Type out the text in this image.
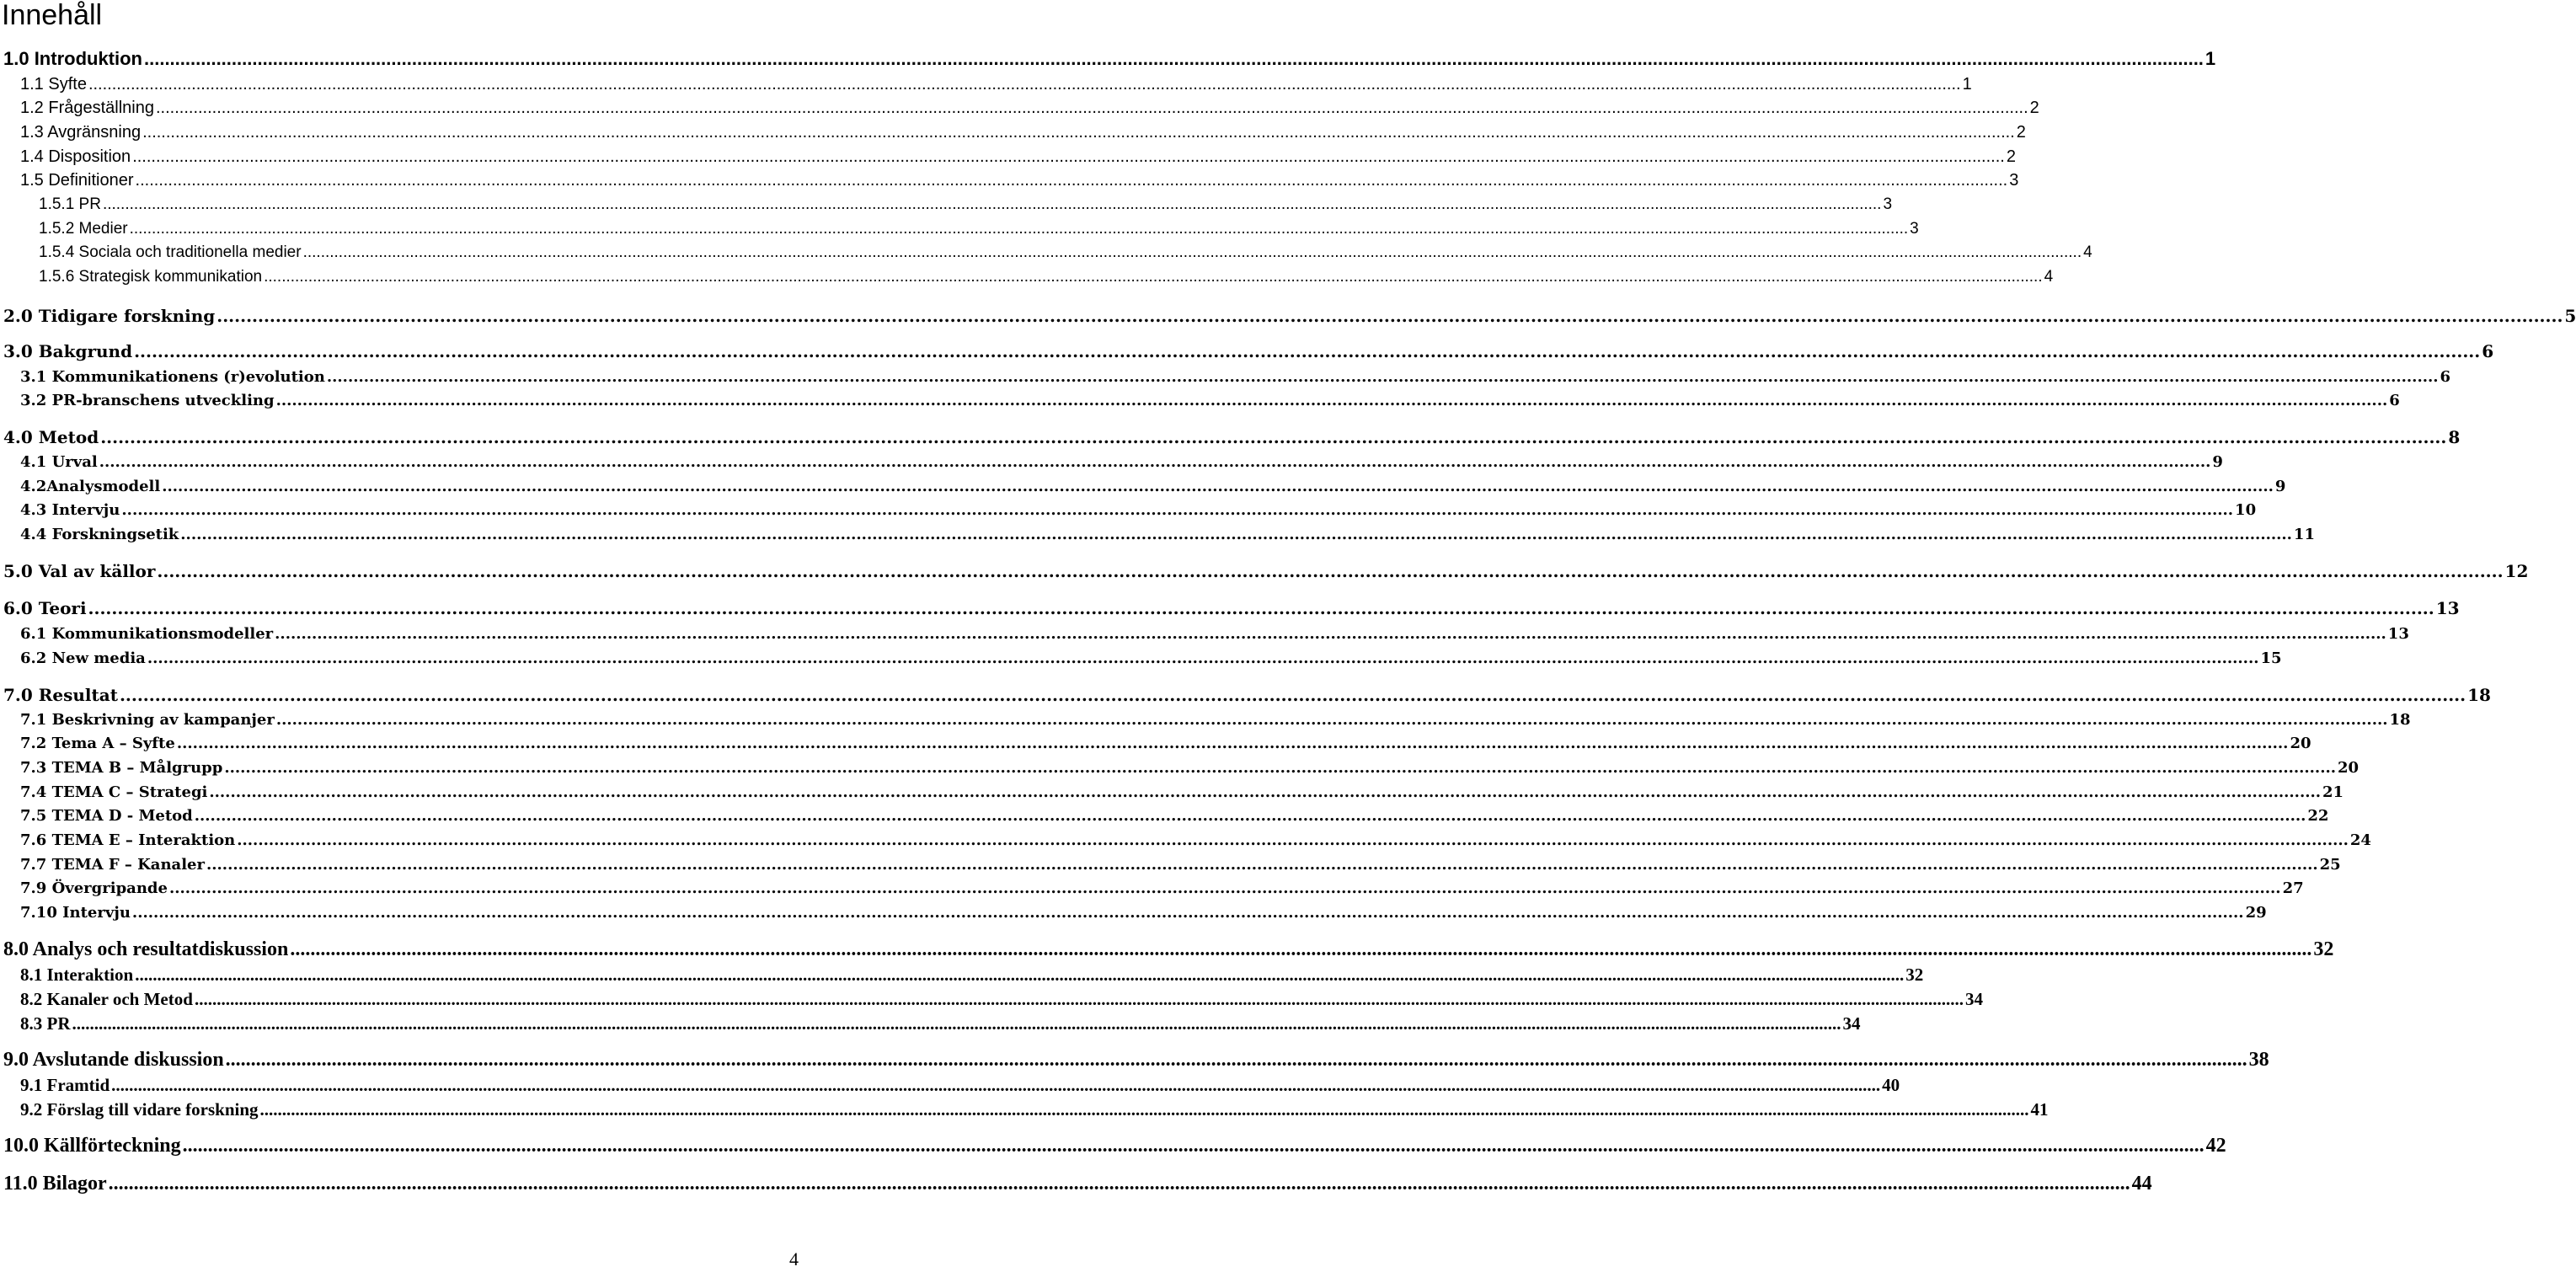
Innehåll
1.0 Introduktion ................................................................................................................................................................................................................................................................................................................................................................................................................ 1
1.1 Syfte ................................................................................................................................................................................................................................................................................................................................................................................................................ 1
1.2 Frågeställning ................................................................................................................................................................................................................................................................................................................................................................................................................ 2
1.3 Avgränsning ................................................................................................................................................................................................................................................................................................................................................................................................................ 2
1.4 Disposition ................................................................................................................................................................................................................................................................................................................................................................................................................ 2
1.5 Definitioner ................................................................................................................................................................................................................................................................................................................................................................................................................ 3
1.5.1 PR ................................................................................................................................................................................................................................................................................................................................................................................................................ 3
1.5.2 Medier ................................................................................................................................................................................................................................................................................................................................................................................................................ 3
1.5.4 Sociala och traditionella medier ................................................................................................................................................................................................................................................................................................................................................................................................................ 4
1.5.6 Strategisk kommunikation ................................................................................................................................................................................................................................................................................................................................................................................................................ 4
2.0 Tidigare forskning ................................................................................................................................................................................................................................................................................................................................................................................................................ 5
3.0 Bakgrund ................................................................................................................................................................................................................................................................................................................................................................................................................ 6
3.1 Kommunikationens (r)evolution ................................................................................................................................................................................................................................................................................................................................................................................................................ 6
3.2 PR-branschens utveckling ................................................................................................................................................................................................................................................................................................................................................................................................................ 6
4.0 Metod ................................................................................................................................................................................................................................................................................................................................................................................................................ 8
4.1 Urval ................................................................................................................................................................................................................................................................................................................................................................................................................ 9
4.2Analysmodell ................................................................................................................................................................................................................................................................................................................................................................................................................ 9
4.3 Intervju ................................................................................................................................................................................................................................................................................................................................................................................................................ 10
4.4 Forskningsetik ................................................................................................................................................................................................................................................................................................................................................................................................................ 11
5.0 Val av källor ................................................................................................................................................................................................................................................................................................................................................................................................................ 12
6.0 Teori ................................................................................................................................................................................................................................................................................................................................................................................................................ 13
6.1 Kommunikationsmodeller ................................................................................................................................................................................................................................................................................................................................................................................................................ 13
6.2 New media ................................................................................................................................................................................................................................................................................................................................................................................................................ 15
7.0 Resultat ................................................................................................................................................................................................................................................................................................................................................................................................................ 18
7.1 Beskrivning av kampanjer ................................................................................................................................................................................................................................................................................................................................................................................................................ 18
7.2 Tema A – Syfte ................................................................................................................................................................................................................................................................................................................................................................................................................ 20
7.3 TEMA B – Målgrupp ................................................................................................................................................................................................................................................................................................................................................................................................................ 20
7.4 TEMA C – Strategi ................................................................................................................................................................................................................................................................................................................................................................................................................ 21
7.5 TEMA D - Metod ................................................................................................................................................................................................................................................................................................................................................................................................................ 22
7.6 TEMA E – Interaktion ................................................................................................................................................................................................................................................................................................................................................................................................................ 24
7.7 TEMA F – Kanaler ................................................................................................................................................................................................................................................................................................................................................................................................................ 25
7.9 Övergripande ................................................................................................................................................................................................................................................................................................................................................................................................................ 27
7.10 Intervju ................................................................................................................................................................................................................................................................................................................................................................................................................ 29
8.0 Analys och resultatdiskussion ................................................................................................................................................................................................................................................................................................................................................................................................................ 32
8.1 Interaktion ................................................................................................................................................................................................................................................................................................................................................................................................................ 32
8.2 Kanaler och Metod ................................................................................................................................................................................................................................................................................................................................................................................................................ 34
8.3 PR ................................................................................................................................................................................................................................................................................................................................................................................................................ 34
9.0 Avslutande diskussion ................................................................................................................................................................................................................................................................................................................................................................................................................ 38
9.1 Framtid ................................................................................................................................................................................................................................................................................................................................................................................................................ 40
9.2 Förslag till vidare forskning ................................................................................................................................................................................................................................................................................................................................................................................................................ 41
10.0 Källförteckning ................................................................................................................................................................................................................................................................................................................................................................................................................ 42
11.0 Bilagor ................................................................................................................................................................................................................................................................................................................................................................................................................ 44
4
